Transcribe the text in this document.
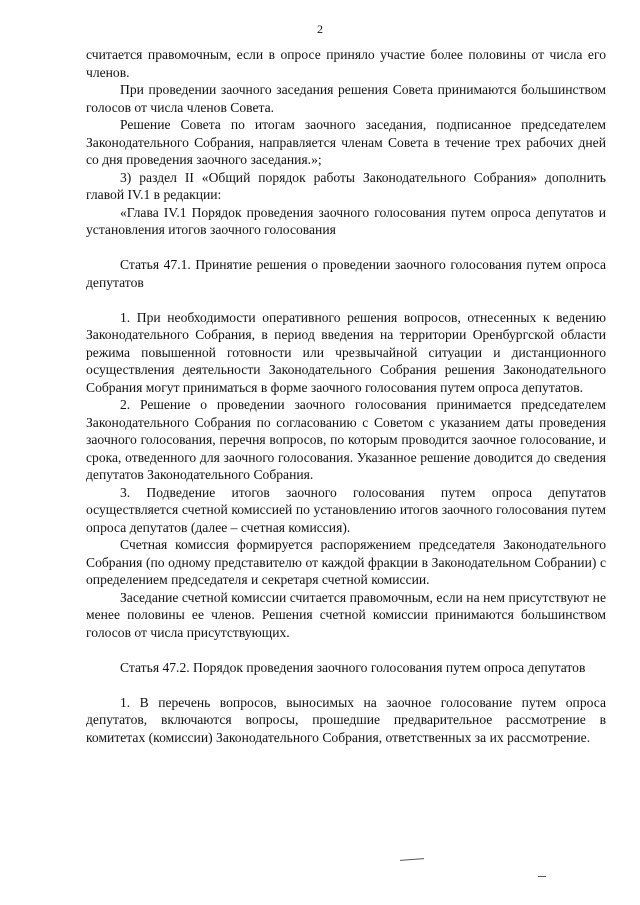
2

считается правомочным, если в опросе приняло участие более половины от числа его членов.

При проведении заочного заседания решения Совета принимаются большинством голосов от числа членов Совета.

Решение Совета по итогам заочного заседания, подписанное председателем Законодательного Собрания, направляется членам Совета в течение трех рабочих дней со дня проведения заочного заседания.»;

3) раздел II «Общий порядок работы Законодательного Собрания» дополнить главой IV.1 в редакции:

«Глава IV.1 Порядок проведения заочного голосования путем опроса депутатов и установления итогов заочного голосования

Статья 47.1. Принятие решения о проведении заочного голосования путем опроса депутатов

1. При необходимости оперативного решения вопросов, отнесенных к ведению Законодательного Собрания, в период введения на территории Оренбургской области режима повышенной готовности или чрезвычайной ситуации и дистанционного осуществления деятельности Законодательного Собрания решения Законодательного Собрания могут приниматься в форме заочного голосования путем опроса депутатов.

2. Решение о проведении заочного голосования принимается председателем Законодательного Собрания по согласованию с Советом с указанием даты проведения заочного голосования, перечня вопросов, по которым проводится заочное голосование, и срока, отведенного для заочного голосования. Указанное решение доводится до сведения депутатов Законодательного Собрания.

3. Подведение итогов заочного голосования путем опроса депутатов осуществляется счетной комиссией по установлению итогов заочного голосования путем опроса депутатов (далее – счетная комиссия).

Счетная комиссия формируется распоряжением председателя Законодательного Собрания (по одному представителю от каждой фракции в Законодательном Собрании) с определением председателя и секретаря счетной комиссии.

Заседание счетной комиссии считается правомочным, если на нем присутствуют не менее половины ее членов. Решения счетной комиссии принимаются большинством голосов от числа присутствующих.

Статья 47.2. Порядок проведения заочного голосования путем опроса депутатов

1. В перечень вопросов, выносимых на заочное голосование путем опроса депутатов, включаются вопросы, прошедшие предварительное рассмотрение в комитетах (комиссии) Законодательного Собрания, ответственных за их рассмотрение.
